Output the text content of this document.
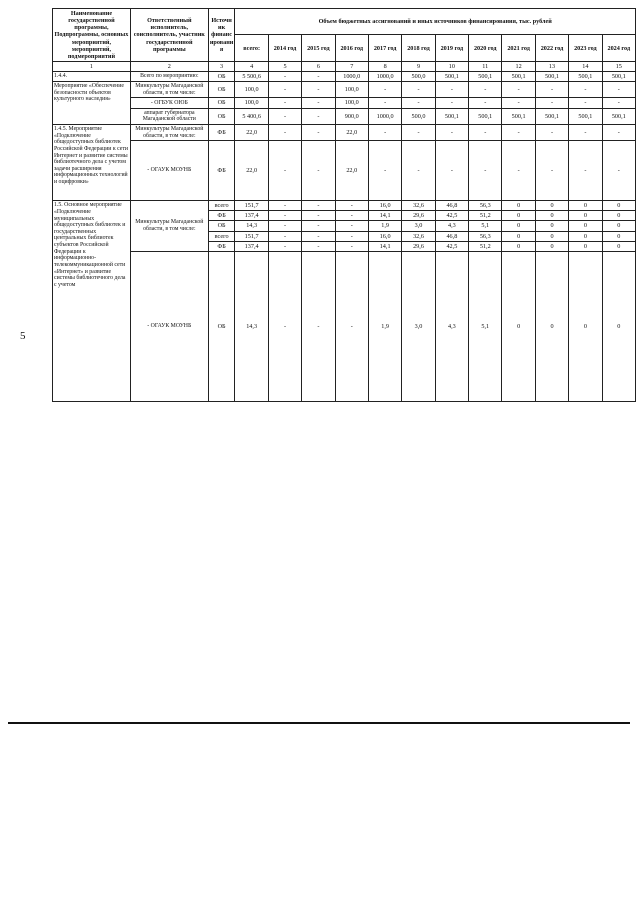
5
Наименование государственной программы, Подпрограммы, основных мероприятий, мероприятий, подмероприятий	Ответственный исполнитель, соисполнитель, участник государственной программы	Источник финансирования	Объем бюджетных ассигнований и иных источников финансирования, тыс. рублей											
			всего:	2014 год	2015 год	2016 год	2017 год	2018 год	2019 год	2020 год	2021 год	2022 год	2023 год	2024 год
1	2	3	4	5	6	7	8	9	10	11	12	13	14	15
1.4.4.	Всего по мероприятию:	ОБ	5 500,6	-	-	1000,0	1000,0	500,0	500,1	500,1	500,1	500,1	500,1	500,1
Мероприятие «Обеспечение безопасности объектов культурного наследия»	Минкультуры Магаданской области, в том числе:	ОБ	100,0	-	-	100,0	-	-	-	-	-	-	-	-
	- ОГБУК ОЮБ	ОБ	100,0	-	-	100,0	-	-	-	-	-	-	-	-
	аппарат губернатора Магаданской области	ОБ	5 400,6	-	-	900,0	1000,0	500,0	500,1	500,1	500,1	500,1	500,1	500,1
1.4.5. Мероприятие «Подключение общедоступных библиотек Российской Федерации к сети Интернет и развитие системы библиотечного дела с учетом задачи расширения информационных технологий и оцифровки»	Минкультуры Магаданской области, в том числе:	ФБ	22,0	-	-	22,0	-	-	-	-	-	-	-	-
	- ОГАУК МОУНБ	ФБ	22,0	-	-	22,0	-	-	-	-	-	-	-	-
1.5. Основное мероприятие «Подключение муниципальных общедоступных библиотек и государственных центральных библиотек субъектов Российской Федерации к информационно-телекоммуникационной сети «Интернет» и развитие системы библиотечного дела с учетом	Минкультуры Магаданской области, в том числе:	всего	151,7	-	-	-	16,0	32,6	46,8	56,3	0	0	0	0
		ФБ	137,4	-	-	-	14,1	29,6	42,5	51,2	0	0	0	0
		ОБ	14,3	-	-	-	1,9	3,0	4,3	5,1	0	0	0	0
		всего	151,7	-	-	-	16,0	32,6	46,8	56,3	0	0	0	0
		ФБ	137,4	-	-	-	14,1	29,6	42,5	51,2	0	0	0	0
	- ОГАУК МОУНБ	ОБ	14,3	-	-	-	1,9	3,0	4,3	5,1	0	0	0	0
